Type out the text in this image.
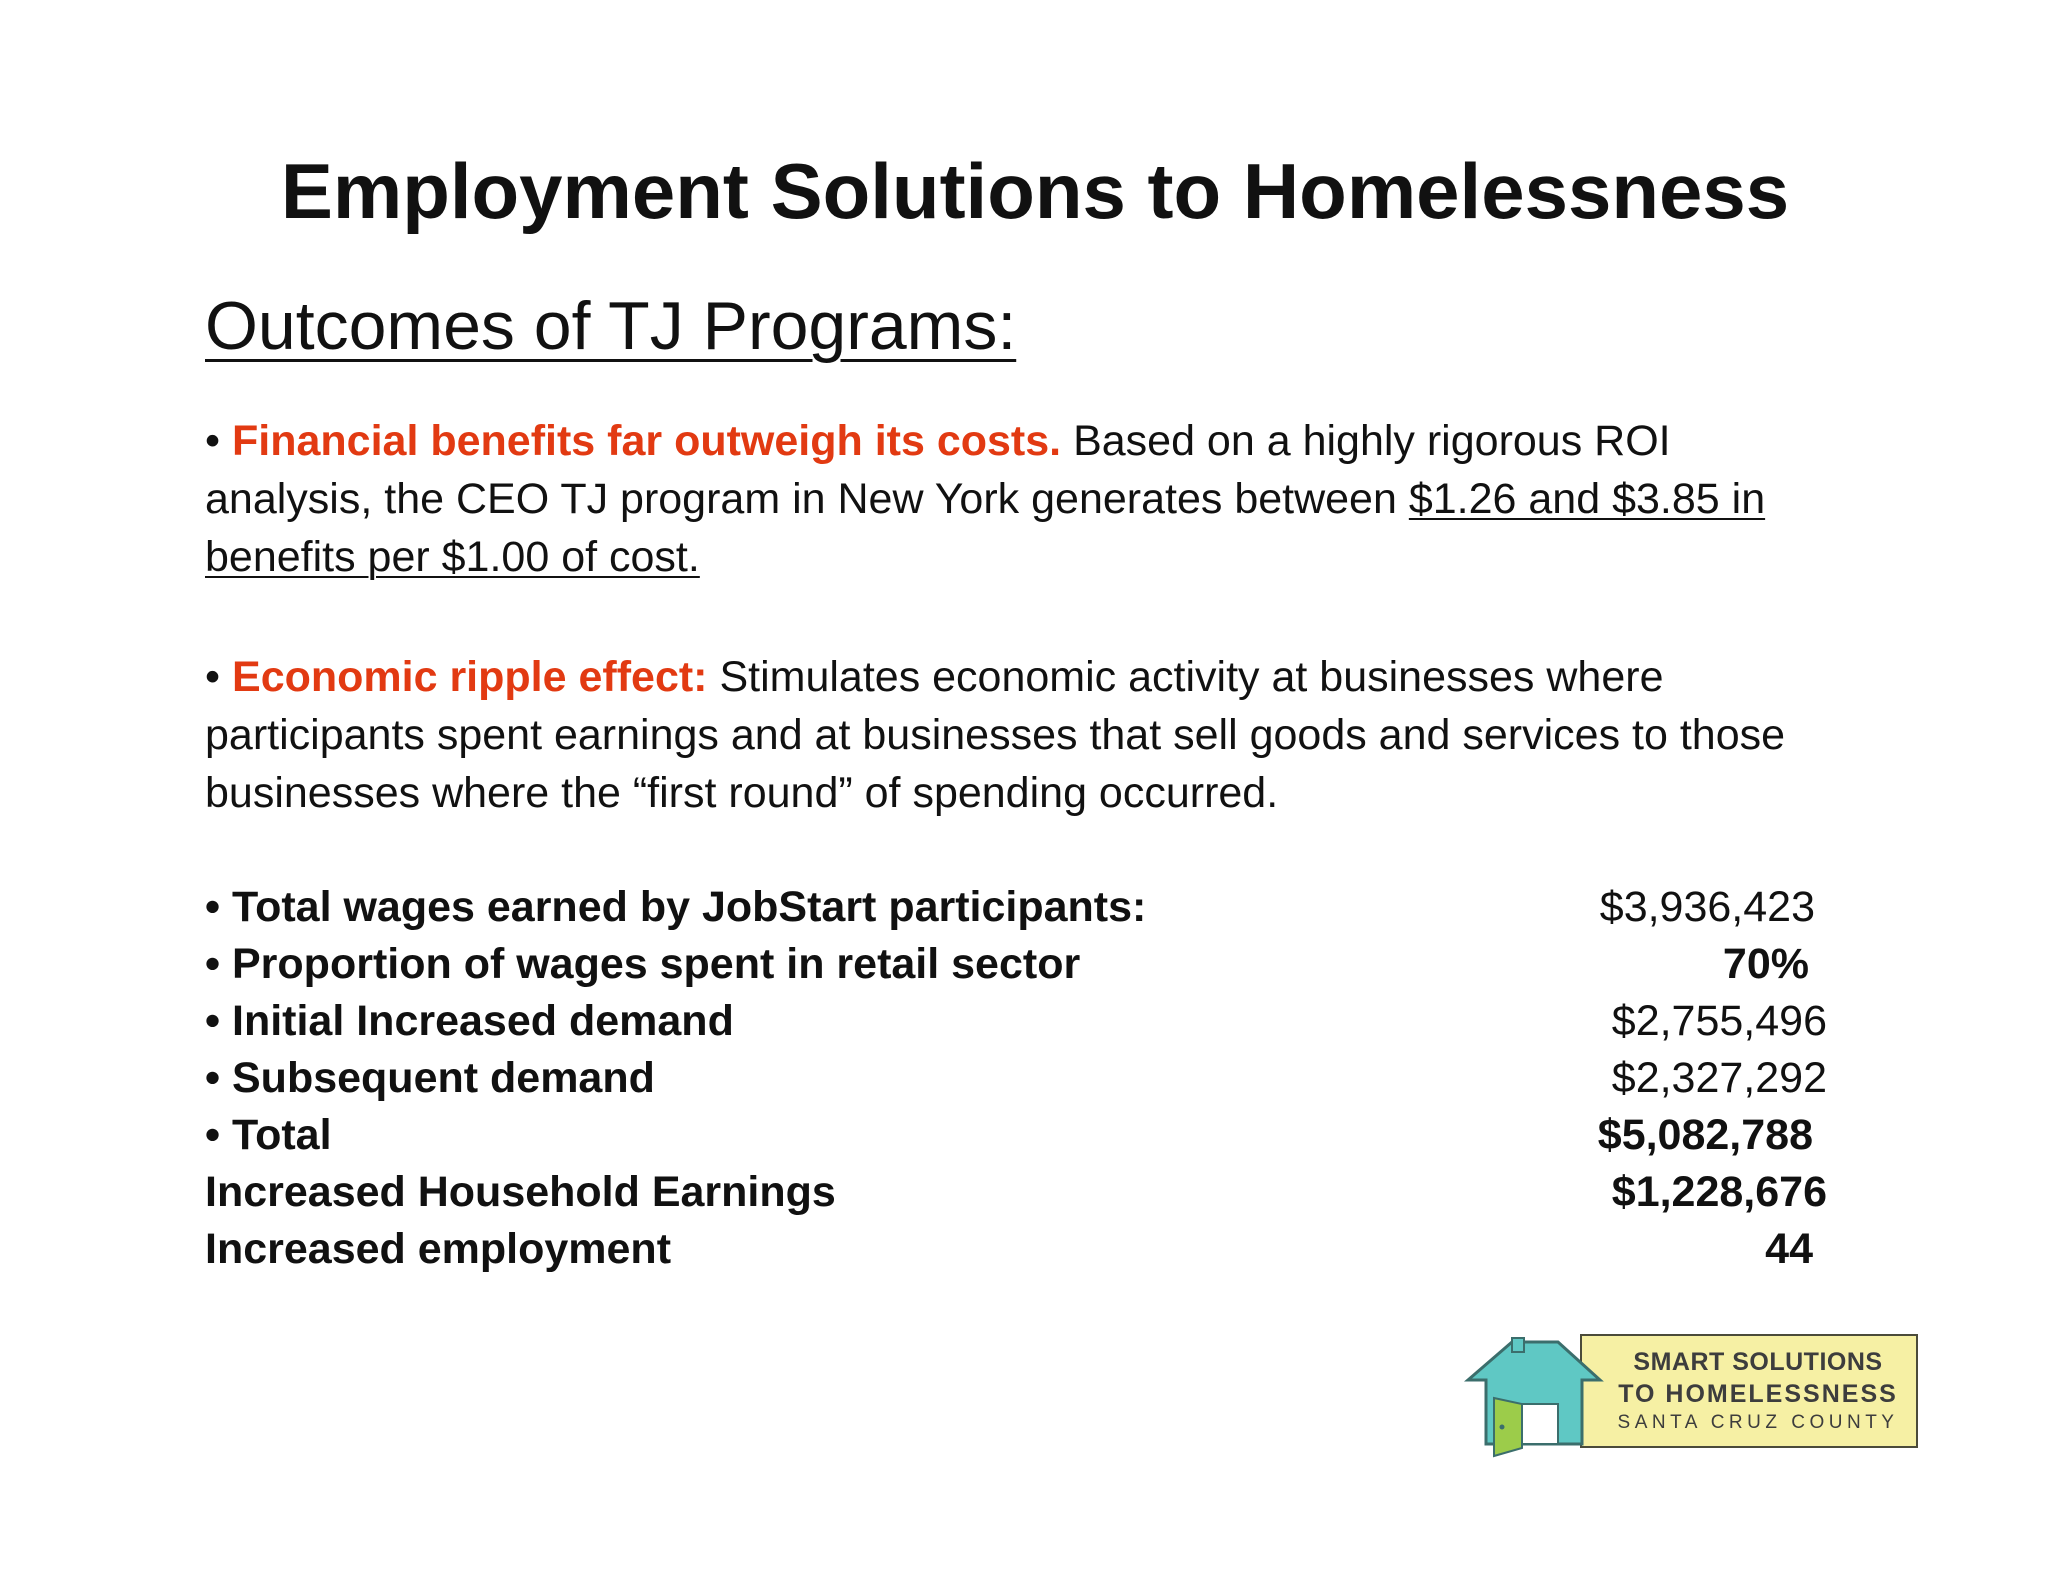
Employment Solutions to Homelessness
Outcomes of TJ Programs:

• Financial benefits far outweigh its costs. Based on a highly rigorous ROI analysis, the CEO TJ program in New York generates between $1.26 and $3.85 in benefits per $1.00 of cost.

• Economic ripple effect: Stimulates economic activity at businesses where participants spent earnings and at businesses that sell goods and services to those businesses where the “first round” of spending occurred.

• Total wages earned by JobStart participants:	$3,936,423
• Proportion of wages spent in retail sector	70%
• Initial Increased demand	$2,755,496
• Subsequent demand	$2,327,292
• Total	$5,082,788
Increased Household Earnings	$1,228,676
Increased employment	44
SMART SOLUTIONS
TO HOMELESSNESS
SANTA CRUZ COUNTY
